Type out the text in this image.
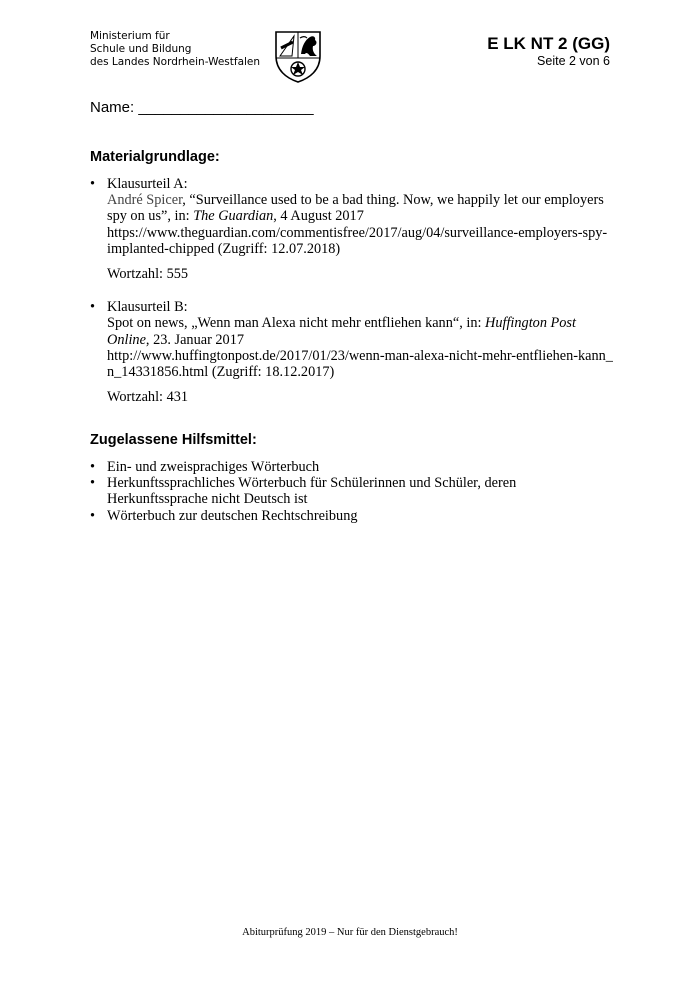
Ministerium für
Schule und Bildung
des Landes Nordrhein-Westfalen
E LK NT 2 (GG)
Seite 2 von 6
Name: _____________________
Materialgrundlage:
• Klausurteil A:
André Spicer, “Surveillance used to be a bad thing. Now, we happily let our employers spy on us”, in: The Guardian, 4 August 2017
https://www.theguardian.com/commentisfree/2017/aug/04/surveillance-employers-spy-implanted-chipped (Zugriff: 12.07.2018)
Wortzahl: 555
• Klausurteil B:
Spot on news, „Wenn man Alexa nicht mehr entfliehen kann“, in: Huffington Post Online, 23. Januar 2017
http://www.huffingtonpost.de/2017/01/23/wenn-man-alexa-nicht-mehr-entfliehen-kann_ n_14331856.html (Zugriff: 18.12.2017)
Wortzahl: 431
Zugelassene Hilfsmittel:
• Ein- und zweisprachiges Wörterbuch
• Herkunftssprachliches Wörterbuch für Schülerinnen und Schüler, deren Herkunftssprache nicht Deutsch ist
• Wörterbuch zur deutschen Rechtschreibung
Abiturprüfung 2019 – Nur für den Dienstgebrauch!
